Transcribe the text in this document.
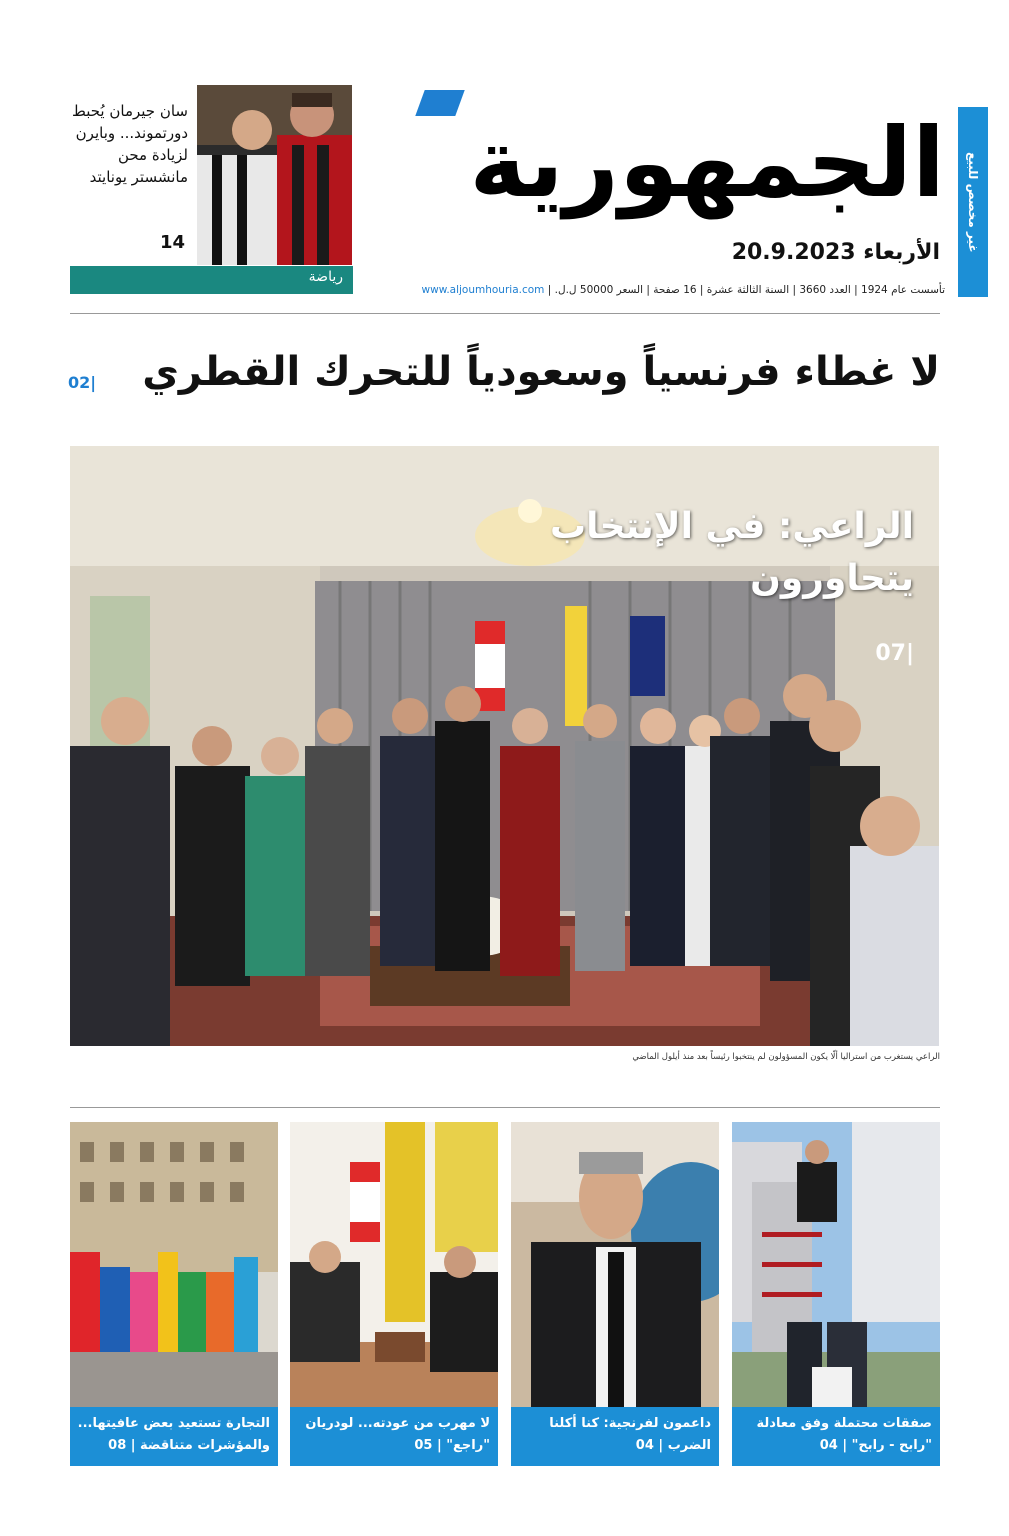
غير مخصص للبيع
الجمهورية
الأربعاء 20.9.2023
تأسست عام 1924 | العدد 3660 | السنة الثالثة عشرة | 16 صفحة | السعر 50000 ل.ل. | www.aljoumhouria.com
سان جيرمان يُحبط دورتموند... وبايرن لزيادة محن مانشستر يونايتد
14
رياضة
لا غطاء فرنسياً وسعودياً للتحرك القطري
02|
الراعي: في الإنتخاب يتحاورون
07|
الراعي يستغرب من استراليا ألّا يكون المسؤولون لم ينتخبوا رئيساً بعد منذ أيلول الماضي
صفقات محتملة وفق معادلة "رابح - رابح" | 04
داعمون لفرنجية: كنا أكلنا الضرب | 04
لا مهرب من عودته... لودريان "راجع" | 05
التجارة تستعيد بعض عافيتها... والمؤشرات متناقضة | 08
